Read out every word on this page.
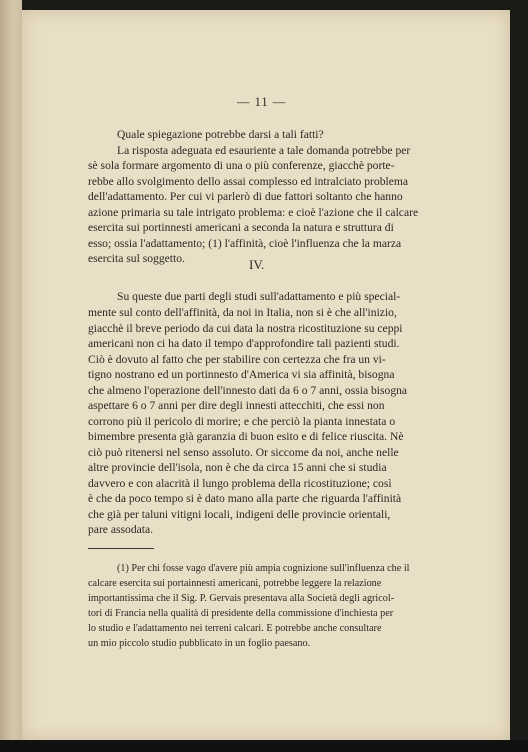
— 11 —
Quale spiegazione potrebbe darsi a tali fatti?
La risposta adeguata ed esauriente a tale domanda potrebbe per
sè sola formare argomento di una o più conferenze, giacchè porte-
rebbe allo svolgimento dello assai complesso ed intralciato problema
dell'adattamento. Per cui vi parlerò di due fattori soltanto che hanno
azione primaria su tale intrigato problema: e cioè l'azione che il calcare
esercita sui portinnesti americani a seconda la natura e struttura di
esso; ossia l'adattamento; (1) l'affinità, cioè l'influenza che la marza
esercita sul soggetto.	IV.
Su queste due parti degli studi sull'adattamento e più special-
mente sul conto dell'affinità, da noi in Italia, non si è che all'inizio,
giacchè il breve periodo da cui data la nostra ricostituzione su ceppi
americani non ci ha dato il tempo d'approfondire tali pazienti studi.
Ciò è dovuto al fatto che per stabilire con certezza che fra un vi-
tigno nostrano ed un portinnesto d'America vi sia affinità, bisogna
che almeno l'operazione dell'innesto dati da 6 o 7 anni, ossia bisogna
aspettare 6 o 7 anni per dire degli innesti attecchiti, che essi non
corrono più il pericolo di morire; e che perciò la pianta innestata o
bimembre presenta già garanzia di buon esito e di felice riuscita. Nè
ciò può ritenersi nel senso assoluto. Or siccome da noi, anche nelle
altre provincie dell'isola, non è che da circa 15 anni che si studia
davvero e con alacrità il lungo problema della ricostituzione; così
è che da poco tempo si è dato mano alla parte che riguarda l'affinità
che già per taluni vitigni locali, indigeni delle provincie orientali,
pare assodata.
(1) Per chi fosse vago d'avere più ampia cognizione sull'influenza che il
calcare esercita sui portainnesti americani, potrebbe leggere la relazione
importantissima che il Sig. P. Gervais presentava alla Società degli agricol-
tori di Francia nella qualità di presidente della commissione d'inchiesta per
lo studio e l'adattamento nei terreni calcari. E potrebbe anche consultare
un mio piccolo studio pubblicato in un foglio paesano.
